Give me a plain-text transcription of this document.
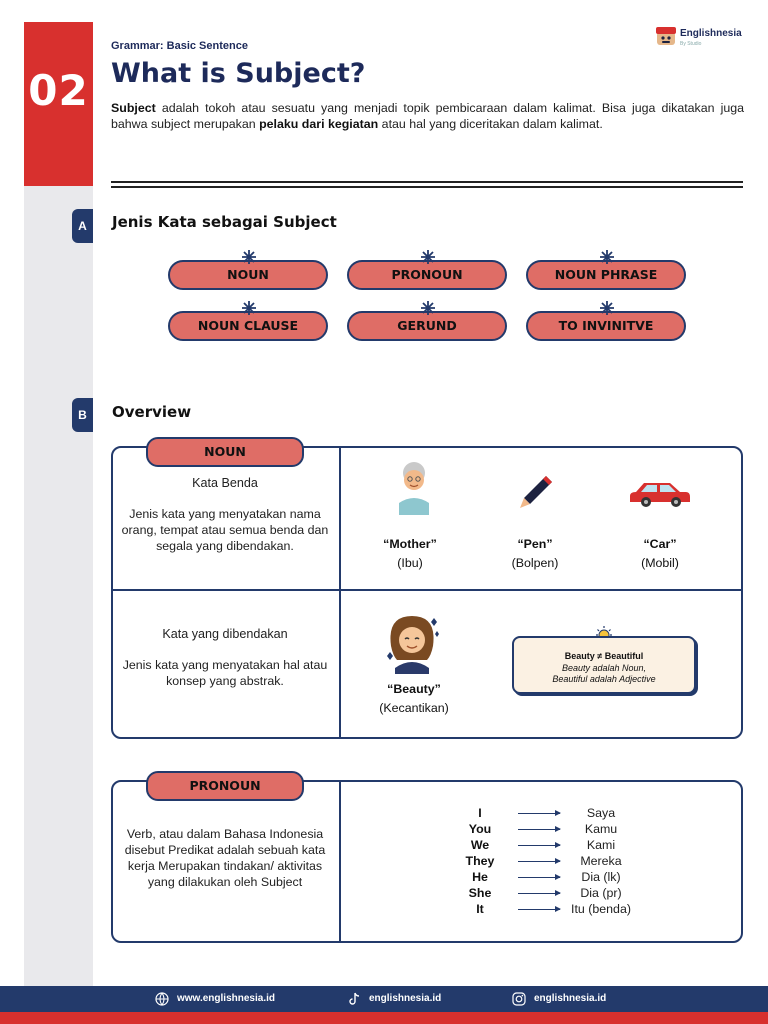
02
Grammar: Basic Sentence
What is Subject?

Subject adalah tokoh atau sesuatu yang menjadi topik pembicaraan dalam kalimat. Bisa juga dikatakan juga bahwa subject merupakan pelaku dari kegiatan atau hal yang diceritakan dalam kalimat.

Englishnesia
By Studio
A	Jenis Kata sebagai Subject
NOUN	PRONOUN	NOUN PHRASE
NOUN CLAUSE	GERUND	TO INVINITVE
B	Overview
NOUN
Kata Benda
Jenis kata yang menyatakan nama orang, tempat atau semua benda dan segala yang dibendakan.	“Mother”
(Ibu)
“Pen”
(Bolpen)
“Car”
(Mobil)
Kata yang dibendakan
Jenis kata yang menyatakan hal atau konsep yang abstrak.
“Beauty”
(Kecantikan)
Beauty ≠ Beautiful
Beauty adalah Noun,
Beautiful adalah Adjective
PRONOUN
Verb, atau dalam Bahasa Indonesia disebut Predikat adalah sebuah kata kerja Merupakan tindakan/ aktivitas yang dilakukan oleh Subject
I	Saya
You	Kamu
We	Kami
They	Mereka
He	Dia (lk)
She	Dia (pr)
It	Itu (benda)
www.englishnesia.id	englishnesia.id	englishnesia.id
